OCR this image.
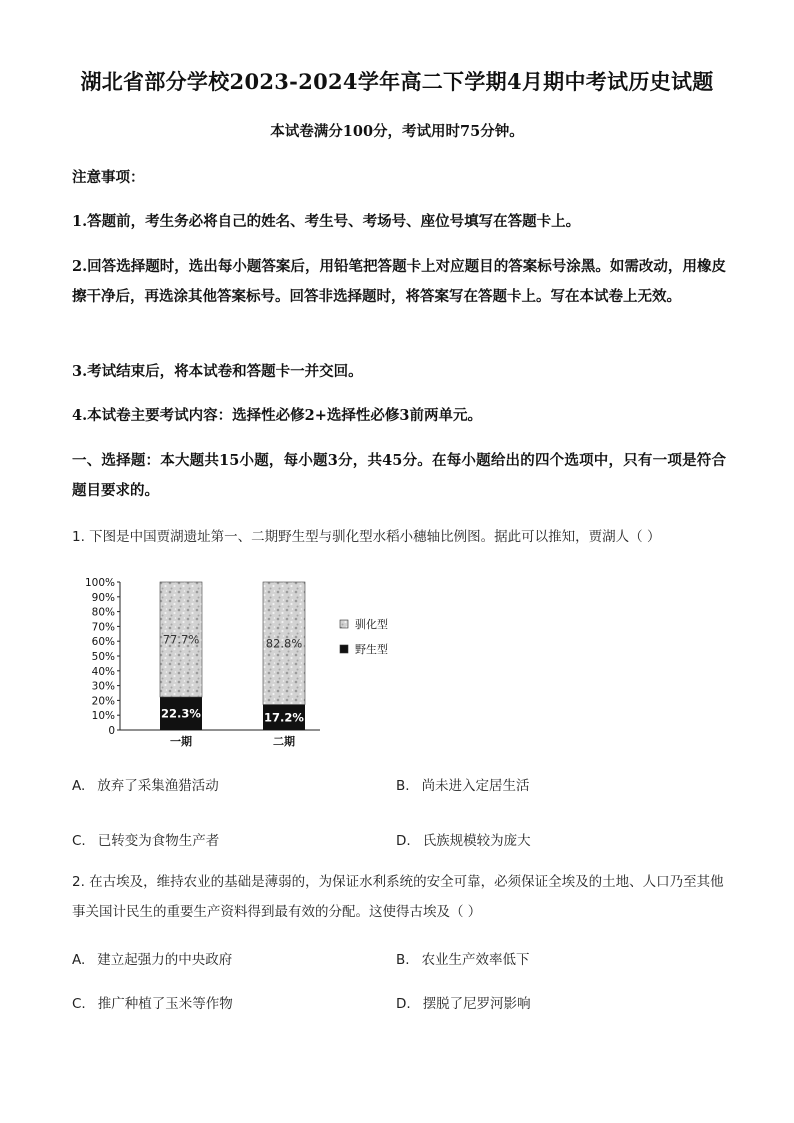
湖北省部分学校2023-2024学年高二下学期4月期中考试历史试题
本试卷满分100分，考试用时75分钟。
注意事项：
1.答题前，考生务必将自己的姓名、考生号、考场号、座位号填写在答题卡上。
2.回答选择题时，选出每小题答案后，用铅笔把答题卡上对应题目的答案标号涂黑。如需改动，用橡皮擦干净后，再选涂其他答案标号。回答非选择题时，将答案写在答题卡上。写在本试卷上无效。
3.考试结束后，将本试卷和答题卡一并交回。
4.本试卷主要考试内容：选择性必修2+选择性必修3前两单元。
一、选择题：本大题共15小题，每小题3分，共45分。在每小题给出的四个选项中，只有一项是符合题目要求的。
1. 下图是中国贾湖遗址第一、二期野生型与驯化型水稻小穗轴比例图。据此可以推知，贾湖人（ ）
0
10%
20%
30%
40%
50%
60%
70%
80%
90%
100%
一期	二期
22.3%
77.7%
17.2%
82.8%
驯化型
野生型
A. 放弃了采集渔猎活动	B. 尚未进入定居生活
C. 已转变为食物生产者	D. 氏族规模较为庞大
2. 在古埃及，维持农业的基础是薄弱的，为保证水利系统的安全可靠，必须保证全埃及的土地、人口乃至其他事关国计民生的重要生产资料得到最有效的分配。这使得古埃及（ ）
A. 建立起强力的中央政府	B. 农业生产效率低下
C. 推广种植了玉米等作物	D. 摆脱了尼罗河影响
